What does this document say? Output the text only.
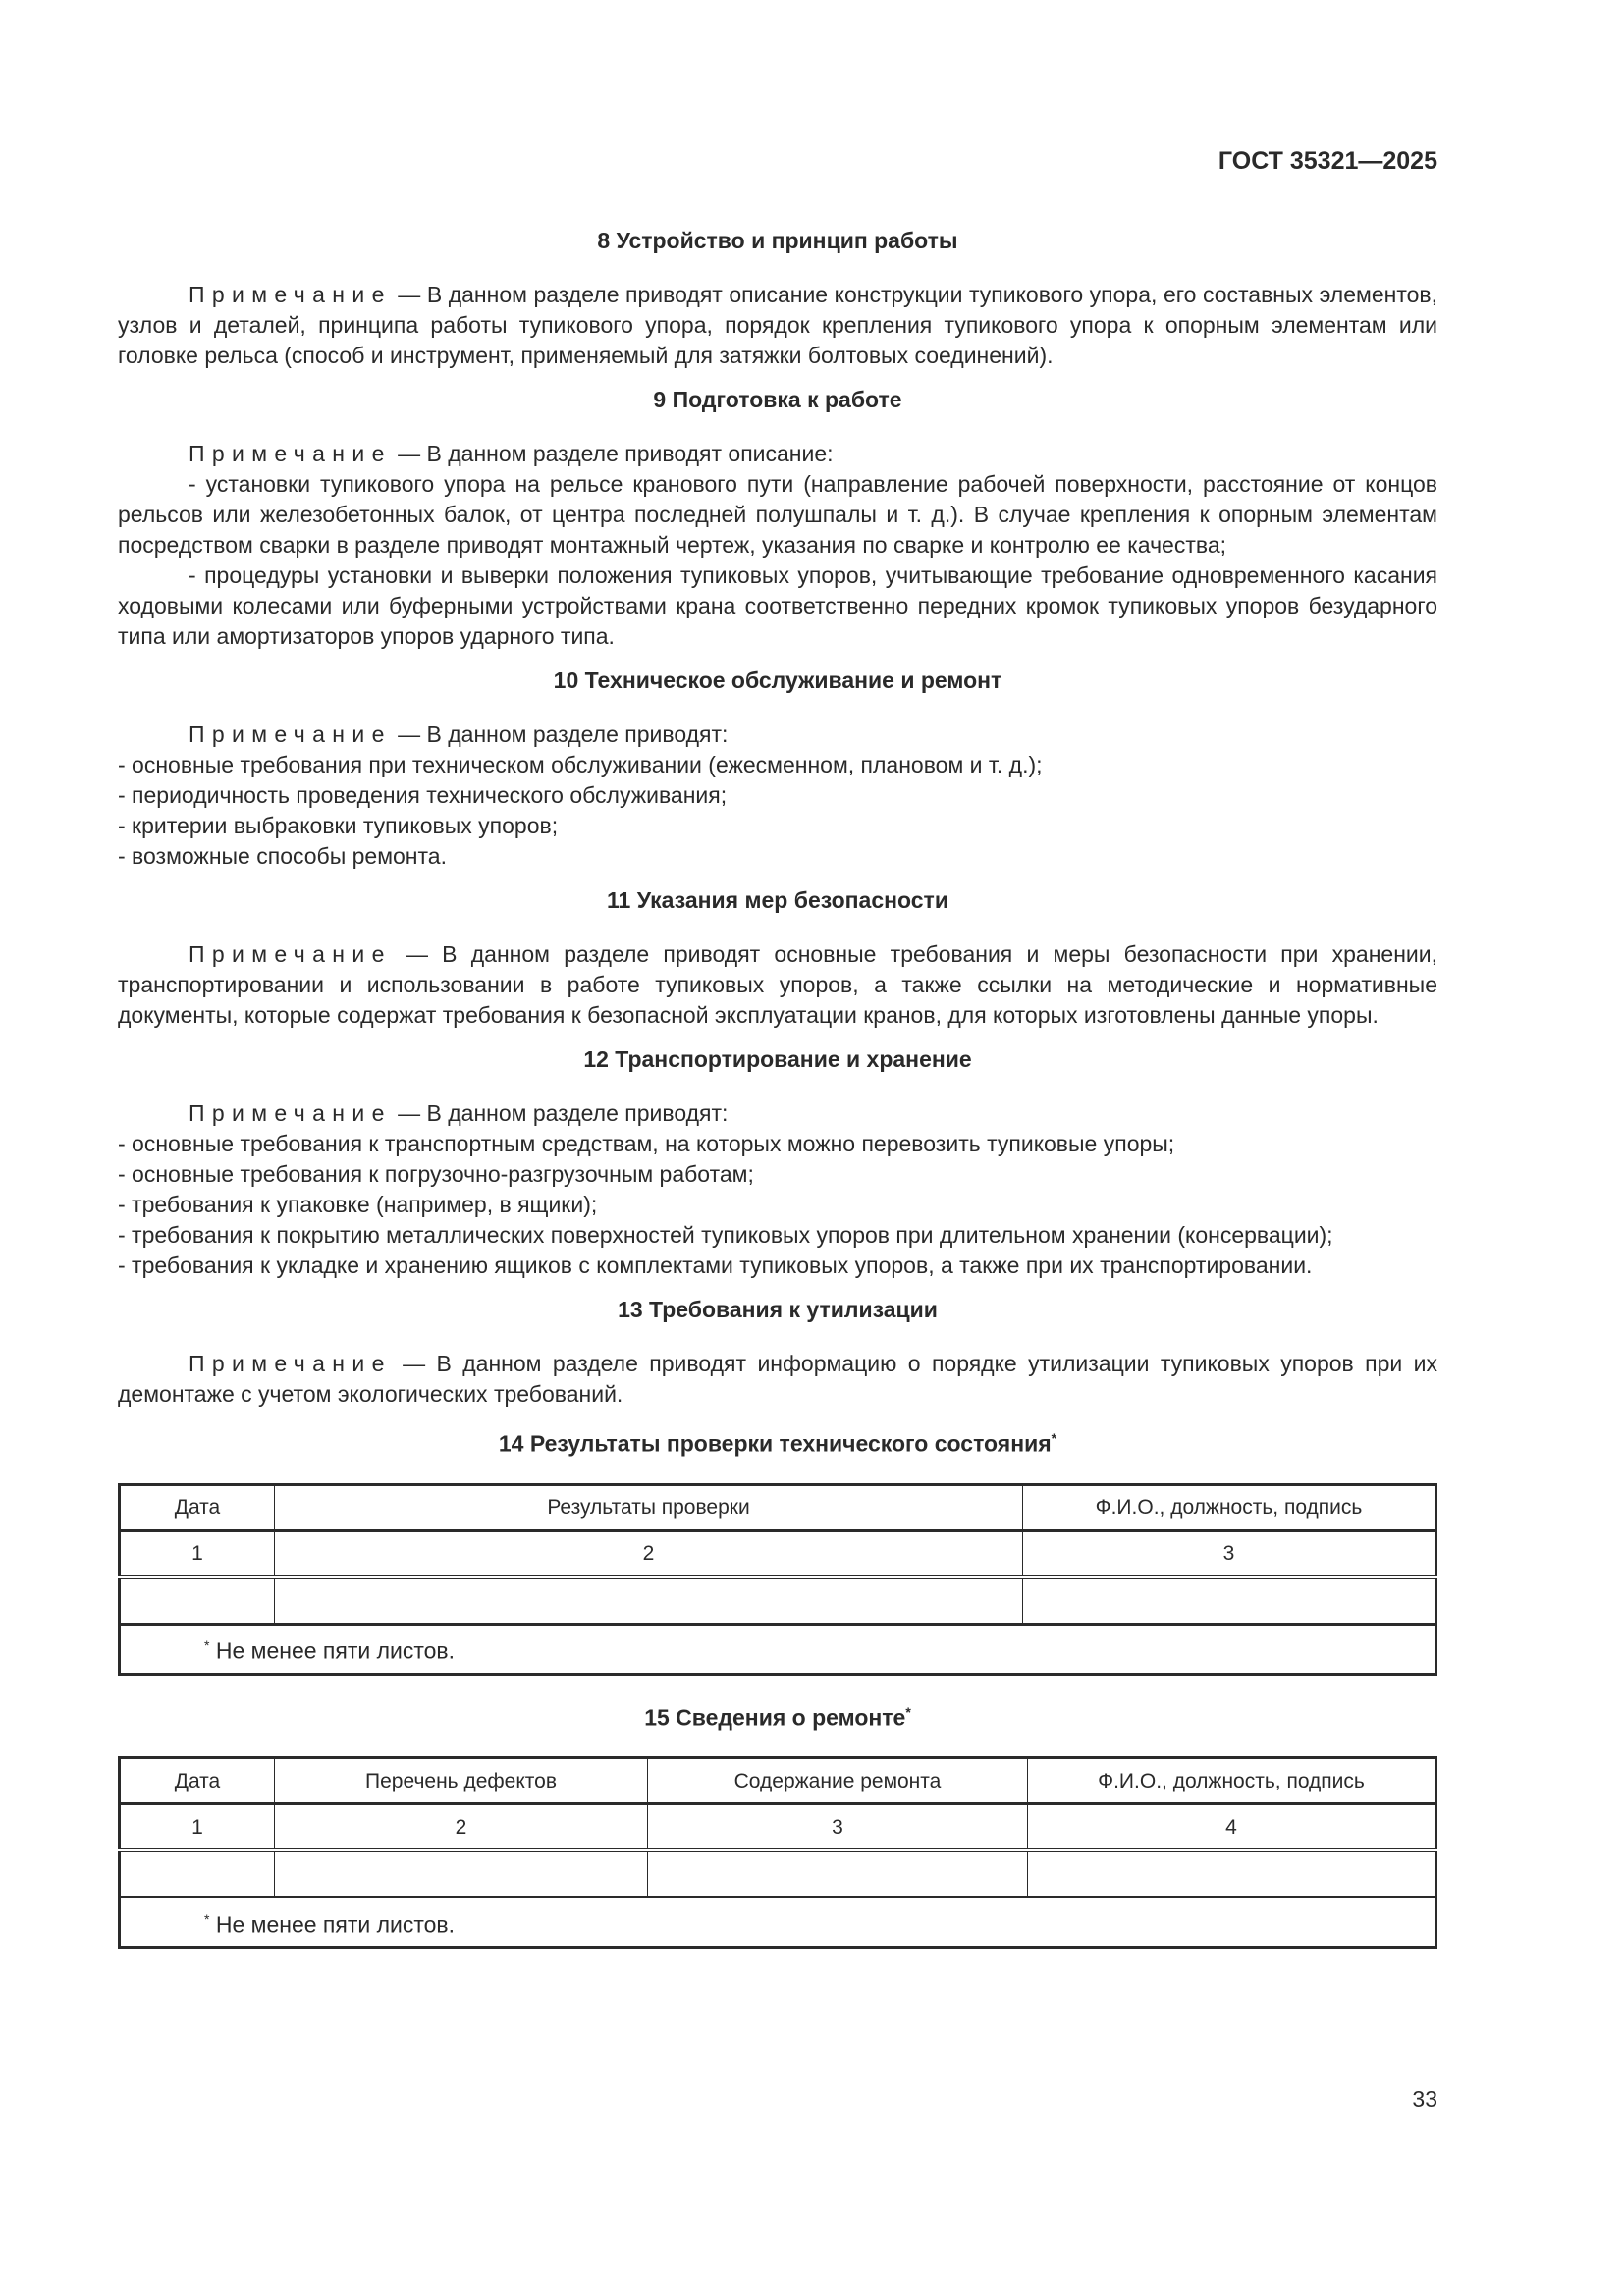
ГОСТ 35321—2025
8 Устройство и принцип работы

Примечание — В данном разделе приводят описание конструкции тупикового упора, его составных элементов, узлов и деталей, принципа работы тупикового упора, порядок крепления тупикового упора к опорным элементам или головке рельса (способ и инструмент, применяемый для затяжки болтовых соединений).

9 Подготовка к работе

Примечание — В данном разделе приводят описание:

- установки тупикового упора на рельсе кранового пути (направление рабочей поверхности, расстояние от концов рельсов или железобетонных балок, от центра последней полушпалы и т. д.). В случае крепления к опорным элементам посредством сварки в разделе приводят монтажный чертеж, указания по сварке и контролю ее качества;

- процедуры установки и выверки положения тупиковых упоров, учитывающие требование одновременного касания ходовыми колесами или буферными устройствами крана соответственно передних кромок тупиковых упоров безударного типа или амортизаторов упоров ударного типа.

10 Техническое обслуживание и ремонт

Примечание — В данном разделе приводят:

- основные требования при техническом обслуживании (ежесменном, плановом и т. д.);

- периодичность проведения технического обслуживания;

- критерии выбраковки тупиковых упоров;

- возможные способы ремонта.

11 Указания мер безопасности

Примечание — В данном разделе приводят основные требования и меры безопасности при хранении, транспортировании и использовании в работе тупиковых упоров, а также ссылки на методические и нормативные документы, которые содержат требования к безопасной эксплуатации кранов, для которых изготовлены данные упоры.

12 Транспортирование и хранение

Примечание — В данном разделе приводят:

- основные требования к транспортным средствам, на которых можно перевозить тупиковые упоры;

- основные требования к погрузочно-разгрузочным работам;

- требования к упаковке (например, в ящики);

- требования к покрытию металлических поверхностей тупиковых упоров при длительном хранении (консервации);

- требования к укладке и хранению ящиков с комплектами тупиковых упоров, а также при их транспортировании.

13 Требования к утилизации

Примечание — В данном разделе приводят информацию о порядке утилизации тупиковых упоров при их демонтаже с учетом экологических требований.

14 Результаты проверки технического состояния*
Дата	Результаты проверки	Ф.И.О., должность, подпись
1	2	3

* Не менее пяти листов.		
15 Сведения о ремонте*
Дата	Перечень дефектов	Содержание ремонта	Ф.И.О., должность, подпись
1	2	3	4

* Не менее пяти листов.			
33
